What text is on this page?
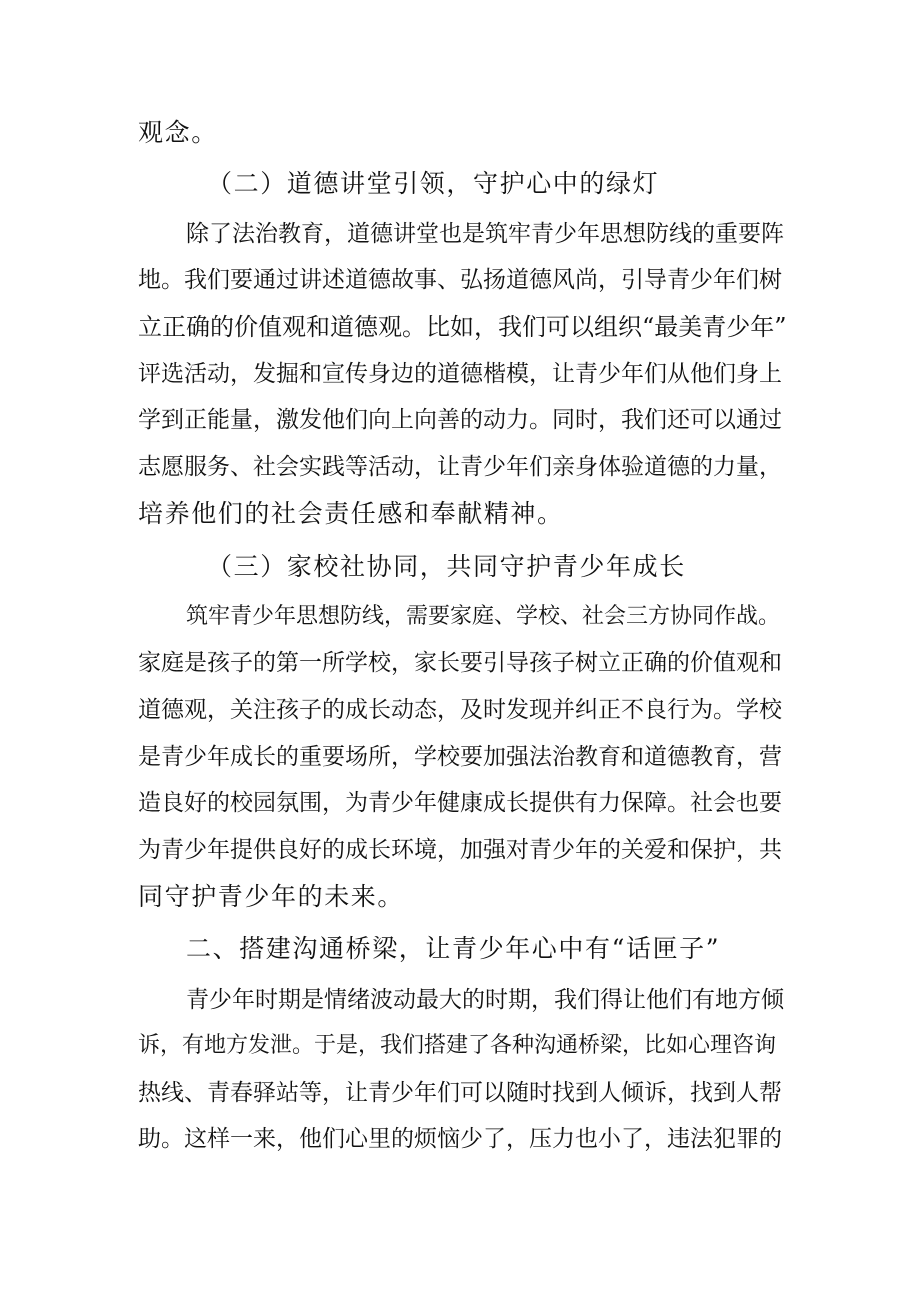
观念。
（二）道德讲堂引领，守护心中的绿灯
除了法治教育，道德讲堂也是筑牢青少年思想防线的重要阵
地。我们要通过讲述道德故事、弘扬道德风尚，引导青少年们树
立正确的价值观和道德观。比如，我们可以组织“最美青少年”
评选活动，发掘和宣传身边的道德楷模，让青少年们从他们身上
学到正能量，激发他们向上向善的动力。同时，我们还可以通过
志愿服务、社会实践等活动，让青少年们亲身体验道德的力量，
培养他们的社会责任感和奉献精神。
（三）家校社协同，共同守护青少年成长
筑牢青少年思想防线，需要家庭、学校、社会三方协同作战。
家庭是孩子的第一所学校，家长要引导孩子树立正确的价值观和
道德观，关注孩子的成长动态，及时发现并纠正不良行为。学校
是青少年成长的重要场所，学校要加强法治教育和道德教育，营
造良好的校园氛围，为青少年健康成长提供有力保障。社会也要
为青少年提供良好的成长环境，加强对青少年的关爱和保护，共
同守护青少年的未来。
二、搭建沟通桥梁，让青少年心中有“话匣子”
青少年时期是情绪波动最大的时期，我们得让他们有地方倾
诉，有地方发泄。于是，我们搭建了各种沟通桥梁，比如心理咨询
热线、青春驿站等，让青少年们可以随时找到人倾诉，找到人帮
助。这样一来，他们心里的烦恼少了，压力也小了，违法犯罪的
